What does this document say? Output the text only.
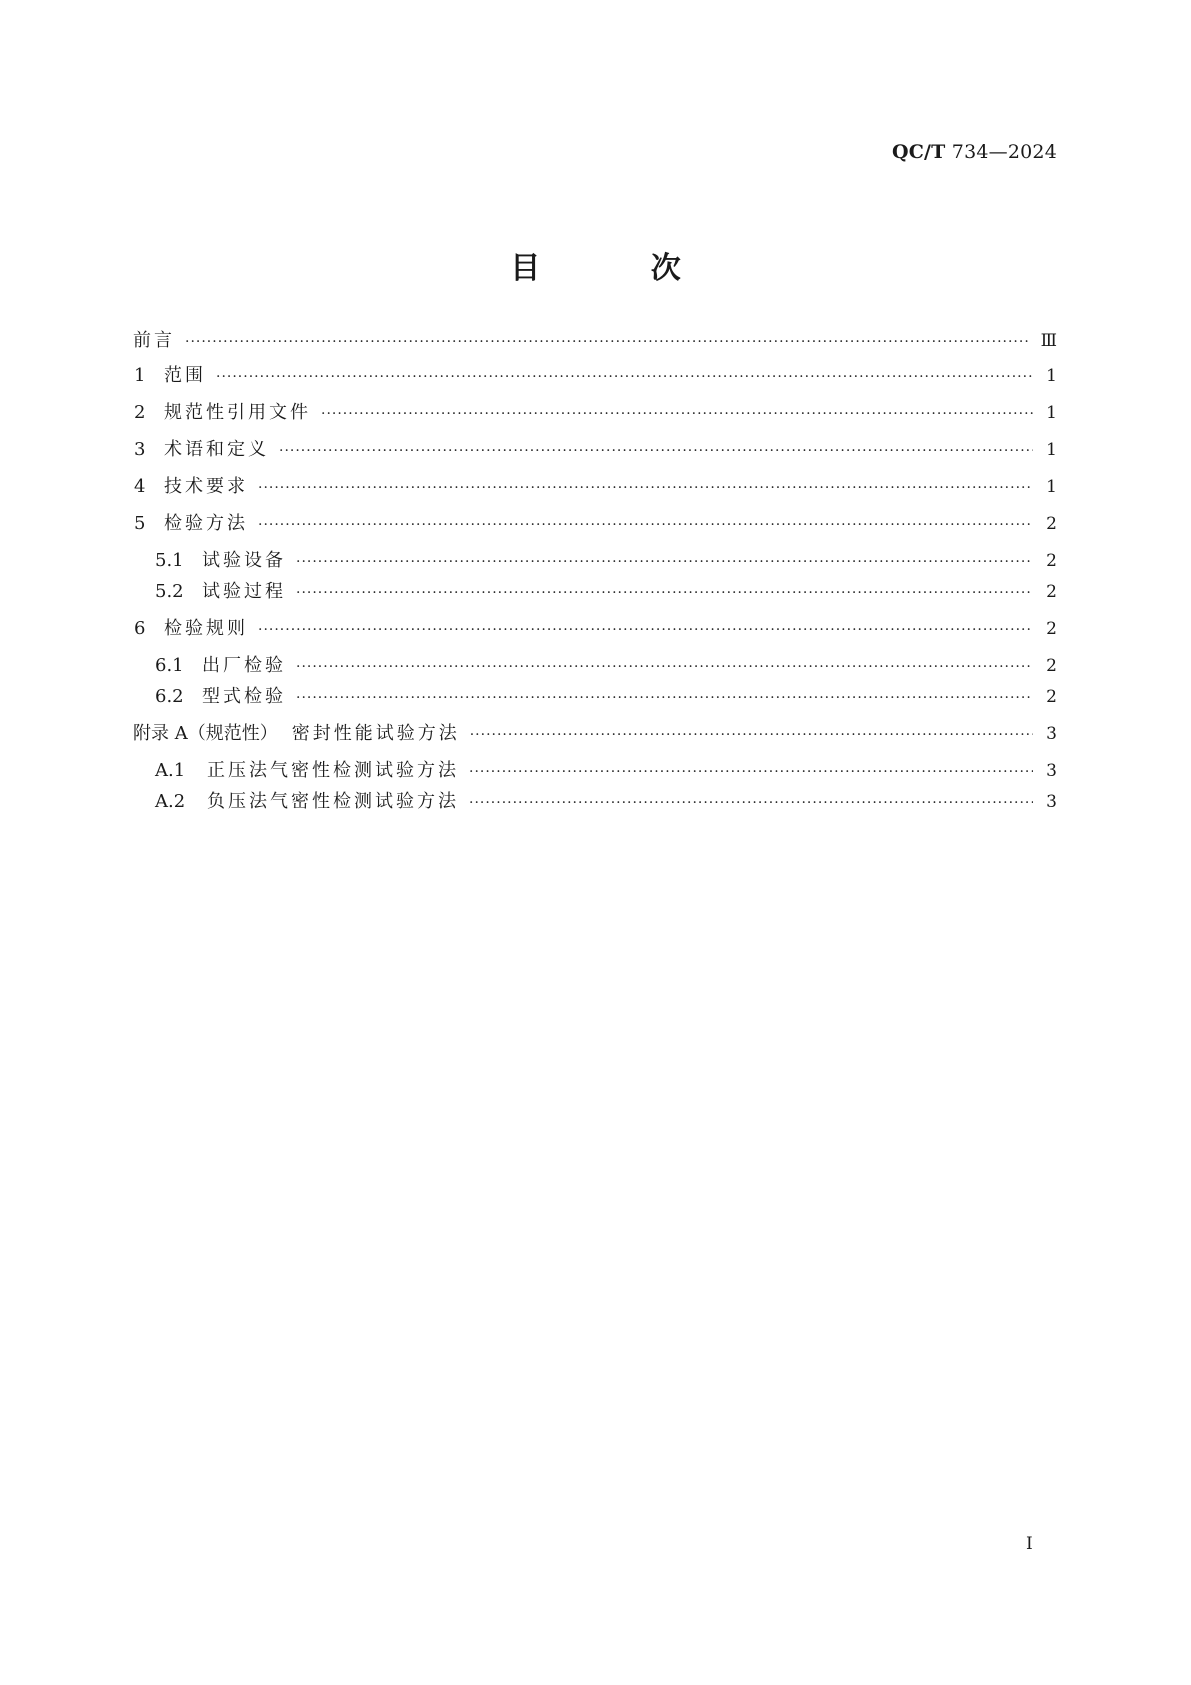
QC/T 734—2024
目 次
前言 ·····	Ⅲ
1	范围 ·····	1
2	规范性引用文件 ·····	1
3	术语和定义 ·····	1
4	技术要求 ·····	1
5	检验方法 ·····	2
5.1	试验设备 ·····	2
5.2	试验过程 ·····	2
6	检验规则 ·····	2
6.1	出厂检验 ·····	2
6.2	型式检验 ·····	2
附录 A（规范性） 密封性能试验方法 ·····	3
A.1	正压法气密性检测试验方法 ·····	3
A.2	负压法气密性检测试验方法 ·····	3
Ⅰ
